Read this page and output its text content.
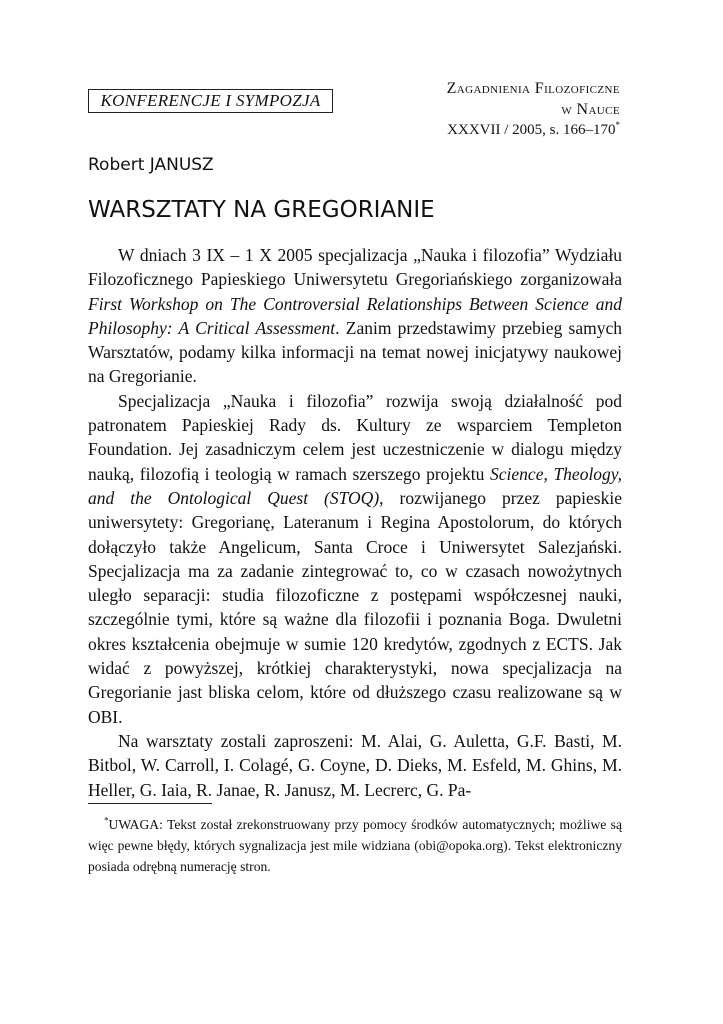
KONFERENCJE I SYMPOZJA
Zagadnienia Filozoficzne
w Nauce
XXXVII / 2005, s. 166–170*
Robert JANUSZ
WARSZTATY NA GREGORIANIE

W dniach 3 IX – 1 X 2005 specjalizacja „Nauka i filozofia” Wydziału Filozoficznego Papieskiego Uniwersytetu Gregoriańskiego zorganizowała First Workshop on The Controversial Relationships Between Science and Philosophy: A Critical Assessment. Zanim przedstawimy przebieg samych Warsztatów, podamy kilka informacji na temat nowej inicjatywy naukowej na Gregorianie.

Specjalizacja „Nauka i filozofia” rozwija swoją działalność pod patronatem Papieskiej Rady ds. Kultury ze wsparciem Templeton Foundation. Jej zasadniczym celem jest uczestniczenie w dialogu między nauką, filozofią i teologią w ramach szerszego projektu Science, Theology, and the Ontological Quest (STOQ), rozwijanego przez papieskie uniwersytety: Gregorianę, Lateranum i Regina Apostolorum, do których dołączyło także Angelicum, Santa Croce i Uniwersytet Salezjański. Specjalizacja ma za zadanie zintegrować to, co w czasach nowożytnych uległo separacji: studia filozoficzne z postępami współczesnej nauki, szczególnie tymi, które są ważne dla filozofii i poznania Boga. Dwuletni okres kształcenia obejmuje w sumie 120 kredytów, zgodnych z ECTS. Jak widać z powyższej, krótkiej charakterystyki, nowa specjalizacja na Gregorianie jast bliska celom, które od dłuższego czasu realizowane są w OBI.

Na warsztaty zostali zaproszeni: M. Alai, G. Auletta, G.F. Basti, M. Bitbol, W. Carroll, I. Colagé, G. Coyne, D. Dieks, M. Esfeld, M. Ghins, M. Heller, G. Iaia, R. Janae, R. Janusz, M. Lecrerc, G. Pa-

*UWAGA: Tekst został zrekonstruowany przy pomocy środków automatycznych; możliwe są więc pewne błędy, których sygnalizacja jest mile widziana (obi@opoka.org). Tekst elektroniczny posiada odrębną numerację stron.
